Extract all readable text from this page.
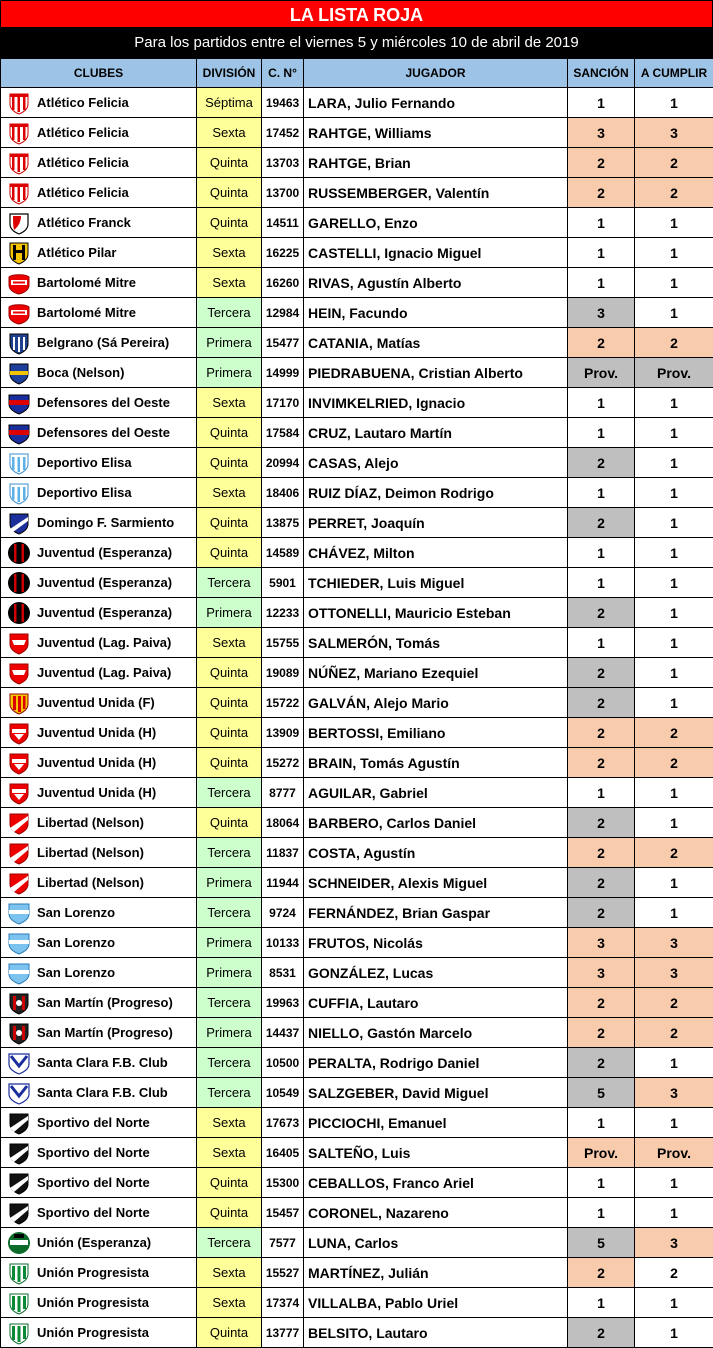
LA LISTA ROJA
Para los partidos entre el viernes 5 y miércoles 10 de abril de 2019
CLUBES	DIVISIÓN	C. N°	JUGADOR	SANCIÓN	A CUMPLIR

Atlético Felicia	Séptima	19463	LARA, Julio Fernando	1	1

Atlético Felicia	Sexta	17452	RAHTGE, Williams	3	3

Atlético Felicia	Quinta	13703	RAHTGE, Brian	2	2

Atlético Felicia	Quinta	13700	RUSSEMBERGER, Valentín	2	2

Atlético Franck	Quinta	14511	GARELLO, Enzo	1	1

Atlético Pilar	Sexta	16225	CASTELLI, Ignacio Miguel	1	1

Bartolomé Mitre	Sexta	16260	RIVAS, Agustín Alberto	1	1

Bartolomé Mitre	Tercera	12984	HEIN, Facundo	3	1

Belgrano (Sá Pereira)	Primera	15477	CATANIA, Matías	2	2

Boca (Nelson)	Primera	14999	PIEDRABUENA, Cristian Alberto	Prov.	Prov.

Defensores del Oeste	Sexta	17170	INVIMKELRIED, Ignacio	1	1

Defensores del Oeste	Quinta	17584	CRUZ, Lautaro Martín	1	1

Deportivo Elisa	Quinta	20994	CASAS, Alejo	2	1

Deportivo Elisa	Sexta	18406	RUIZ DÍAZ, Deimon Rodrigo	1	1

Domingo F. Sarmiento	Quinta	13875	PERRET, Joaquín	2	1

Juventud (Esperanza)	Quinta	14589	CHÁVEZ, Milton	1	1

Juventud (Esperanza)	Tercera	5901	TCHIEDER, Luis Miguel	1	1

Juventud (Esperanza)	Primera	12233	OTTONELLI, Mauricio Esteban	2	1

Juventud (Lag. Paiva)	Sexta	15755	SALMERÓN, Tomás	1	1

Juventud (Lag. Paiva)	Quinta	19089	NÚÑEZ, Mariano Ezequiel	2	1

Juventud Unida (F)	Quinta	15722	GALVÁN, Alejo Mario	2	1

Juventud Unida (H)	Quinta	13909	BERTOSSI, Emiliano	2	2

Juventud Unida (H)	Quinta	15272	BRAIN, Tomás Agustín	2	2

Juventud Unida (H)	Tercera	8777	AGUILAR, Gabriel	1	1

Libertad (Nelson)	Quinta	18064	BARBERO, Carlos Daniel	2	1

Libertad (Nelson)	Tercera	11837	COSTA, Agustín	2	2

Libertad (Nelson)	Primera	11944	SCHNEIDER, Alexis Miguel	2	1

San Lorenzo	Tercera	9724	FERNÁNDEZ, Brian Gaspar	2	1

San Lorenzo	Primera	10133	FRUTOS, Nicolás	3	3

San Lorenzo	Primera	8531	GONZÁLEZ, Lucas	3	3

San Martín (Progreso)	Tercera	19963	CUFFIA, Lautaro	2	2

San Martín (Progreso)	Primera	14437	NIELLO, Gastón Marcelo	2	2

Santa Clara F.B. Club	Tercera	10500	PERALTA, Rodrigo Daniel	2	1

Santa Clara F.B. Club	Tercera	10549	SALZGEBER, David Miguel	5	3

Sportivo del Norte	Sexta	17673	PICCIOCHI, Emanuel	1	1

Sportivo del Norte	Sexta	16405	SALTEÑO, Luis	Prov.	Prov.

Sportivo del Norte	Quinta	15300	CEBALLOS, Franco Ariel	1	1

Sportivo del Norte	Quinta	15457	CORONEL, Nazareno	1	1

Unión (Esperanza)	Tercera	7577	LUNA, Carlos	5	3

Unión Progresista	Sexta	15527	MARTÍNEZ, Julián	2	2

Unión Progresista	Sexta	17374	VILLALBA, Pablo Uriel	1	1

Unión Progresista	Quinta	13777	BELSITO, Lautaro	2	1
